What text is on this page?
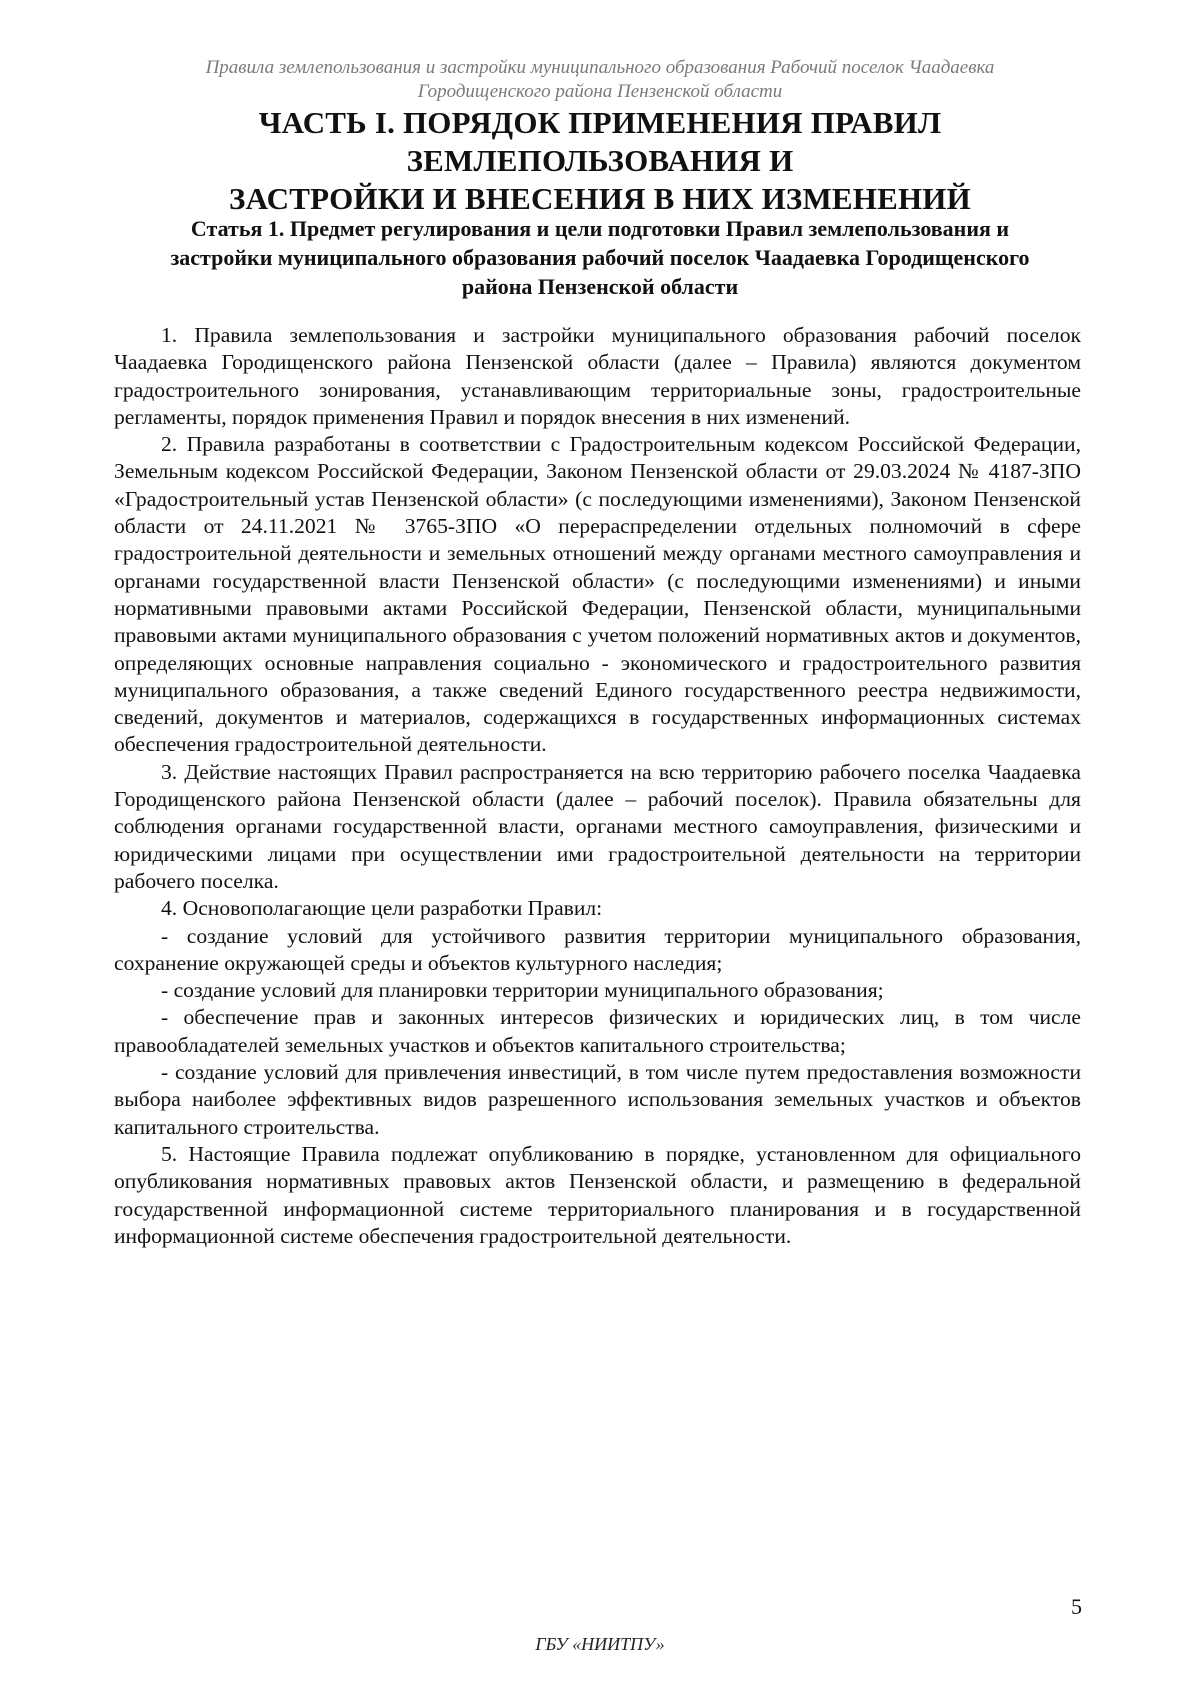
Правила землепользования и застройки муниципального образования Рабочий поселок Чаадаевка
Городищенского района Пензенской области
ЧАСТЬ I. ПОРЯДОК ПРИМЕНЕНИЯ ПРАВИЛ ЗЕМЛЕПОЛЬЗОВАНИЯ И
ЗАСТРОЙКИ И ВНЕСЕНИЯ В НИХ ИЗМЕНЕНИЙ
Статья 1. Предмет регулирования и цели подготовки Правил землепользования и
застройки муниципального образования рабочий поселок Чаадаевка Городищенского
района Пензенской области

1. Правила землепользования и застройки муниципального образования рабочий поселок Чаадаевка Городищенского района Пензенской области (далее – Правила) являются документом градостроительного зонирования, устанавливающим территориальные зоны, градостроительные регламенты, порядок применения Правил и порядок внесения в них изменений.

2. Правила разработаны в соответствии с Градостроительным кодексом Российской Федерации, Земельным кодексом Российской Федерации, Законом Пензенской области от 29.03.2024 № 4187-ЗПО «Градостроительный устав Пензенской области» (с последующими изменениями), Законом Пензенской области от 24.11.2021 № 3765-ЗПО «О перераспределении отдельных полномочий в сфере градостроительной деятельности и земельных отношений между органами местного самоуправления и органами государственной власти Пензенской области» (с последующими изменениями) и иными нормативными правовыми актами Российской Федерации, Пензенской области, муниципальными правовыми актами муниципального образования с учетом положений нормативных актов и документов, определяющих основные направления социально - экономического и градостроительного развития муниципального образования, а также сведений Единого государственного реестра недвижимости, сведений, документов и материалов, содержащихся в государственных информационных системах обеспечения градостроительной деятельности.

3. Действие настоящих Правил распространяется на всю территорию рабочего поселка Чаадаевка Городищенского района Пензенской области (далее – рабочий поселок). Правила обязательны для соблюдения органами государственной власти, органами местного самоуправления, физическими и юридическими лицами при осуществлении ими градостроительной деятельности на территории рабочего поселка.

4. Основополагающие цели разработки Правил:

- создание условий для устойчивого развития территории муниципального образования, сохранение окружающей среды и объектов культурного наследия;

- создание условий для планировки территории муниципального образования;

- обеспечение прав и законных интересов физических и юридических лиц, в том числе правообладателей земельных участков и объектов капитального строительства;

- создание условий для привлечения инвестиций, в том числе путем предоставления возможности выбора наиболее эффективных видов разрешенного использования земельных участков и объектов капитального строительства.

5. Настоящие Правила подлежат опубликованию в порядке, установленном для официального опубликования нормативных правовых актов Пензенской области, и размещению в федеральной государственной информационной системе территориального планирования и в государственной информационной системе обеспечения градостроительной деятельности.

5
ГБУ «НИИТПУ»
